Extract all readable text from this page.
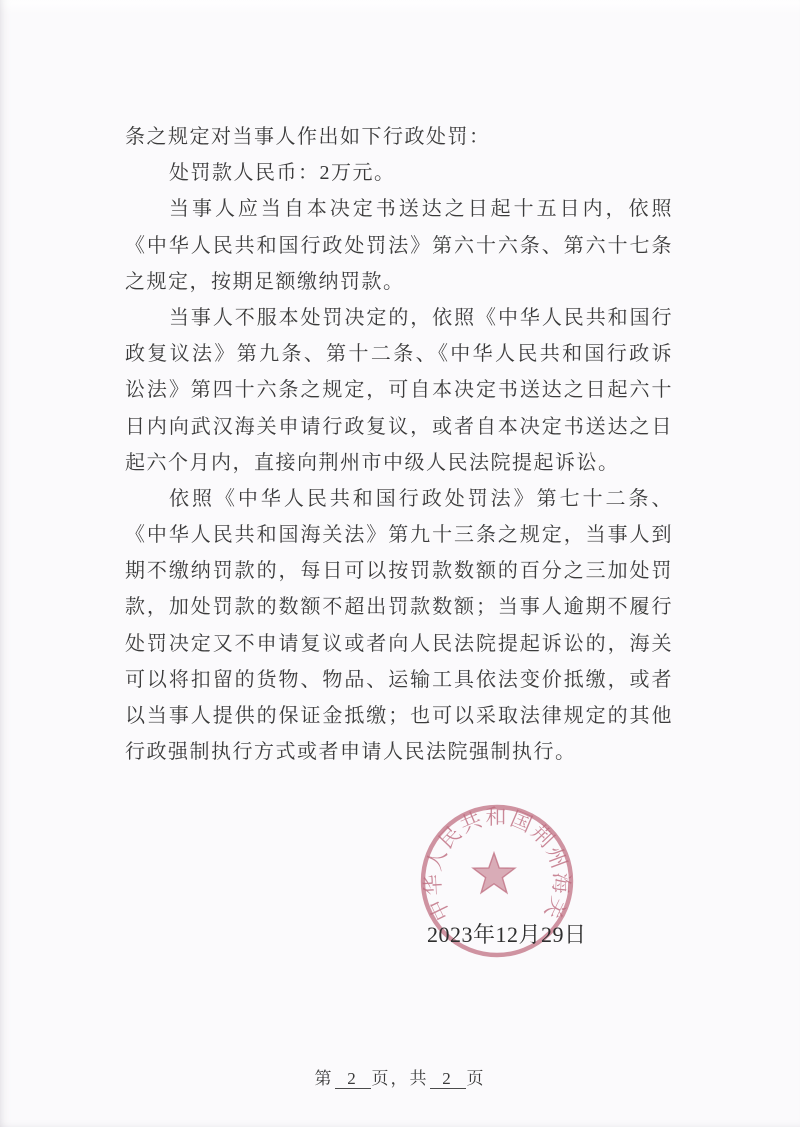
条之规定对当事人作出如下行政处罚：
处罚款人民币：2万元。
当事人应当自本决定书送达之日起十五日内，依照
《中华人民共和国行政处罚法》第六十六条、第六十七条
之规定，按期足额缴纳罚款。
当事人不服本处罚决定的，依照《中华人民共和国行
政复议法》第九条、第十二条、《中华人民共和国行政诉
讼法》第四十六条之规定，可自本决定书送达之日起六十
日内向武汉海关申请行政复议，或者自本决定书送达之日
起六个月内，直接向荆州市中级人民法院提起诉讼。
依照《中华人民共和国行政处罚法》第七十二条、
《中华人民共和国海关法》第九十三条之规定，当事人到
期不缴纳罚款的，每日可以按罚款数额的百分之三加处罚
款，加处罚款的数额不超出罚款数额；当事人逾期不履行
处罚决定又不申请复议或者向人民法院提起诉讼的，海关
可以将扣留的货物、物品、运输工具依法变价抵缴，或者
以当事人提供的保证金抵缴；也可以采取法律规定的其他
行政强制执行方式或者申请人民法院强制执行。
中华人民共和国荆州海关
2023年12月29日
第 2 页，共 2 页
